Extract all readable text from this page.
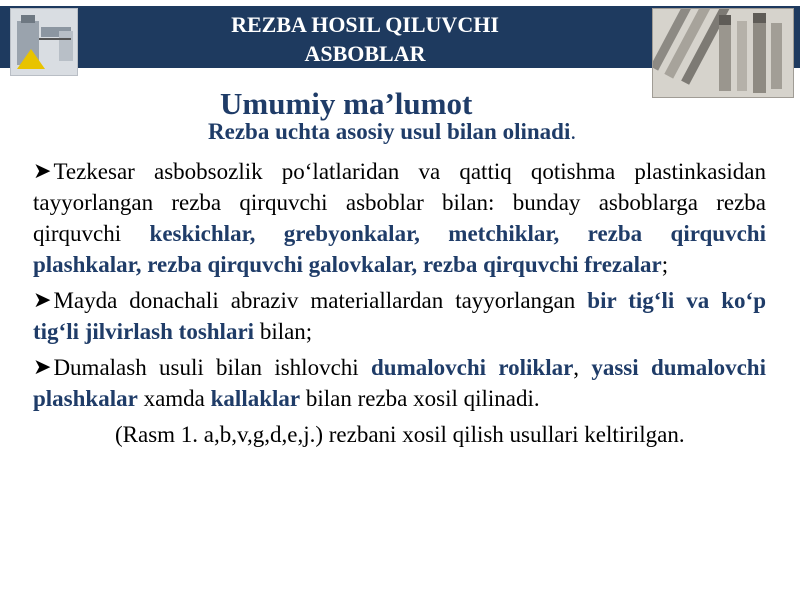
REZBA HOSIL QILUVCHI
ASBOBLAR
Umumiy ma’lumot
Rezba uchta asosiy usul bilan olinadi.
➤Tezkesar asbobsozlik po‘latlaridan va qattiq qotishma plastinkasidan tayyorlangan rezba qirquvchi asboblar bilan: bunday asboblarga rezba qirquvchi keskichlar, grebyonkalar, metchiklar, rezba qirquvchi plashkalar, rezba qirquvchi galovkalar, rezba qirquvchi frezalar;
➤Mayda donachali abraziv materiallardan tayyorlangan bir tig‘li va ko‘p tig‘li jilvirlash toshlari bilan;
➤Dumalash usuli bilan ishlovchi dumalovchi roliklar, yassi dumalovchi plashkalar xamda kallaklar bilan rezba xosil qilinadi.
(Rasm 1. a,b,v,g,d,e,j.) rezbani xosil qilish usullari keltirilgan.
